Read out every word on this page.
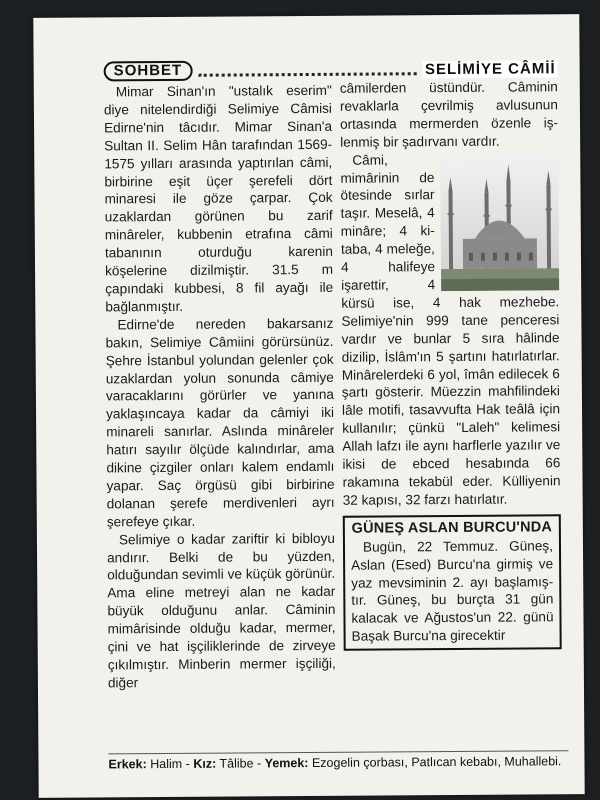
SOHBET	SELİMİYE CÂMİİ

Mimar Sinan'ın "ustalık eserim" diye nitelendirdiği Selimiye Câmisi Edirne'nin tâcıdır. Mimar Sinan'a Sultan II. Selim Hân tarafından 1569-1575 yılları arasında yaptırılan câmi, birbirine eşit üçer şerefeli dört minaresi ile göze çarpar. Çok uzaklardan görünen bu zarif minâreler, kubbenin etrafına câmi tabanının oturduğu karenin köşelerine dizilmiştir. 31.5 m çapındaki kubbesi, 8 fil ayağı ile bağlanmıştır.

Edirne'de nereden bakarsanız bakın, Selimiye Câmiini görürsünüz. Şehre İstanbul yolundan gelenler çok uzaklardan yolun sonunda câmiye varacaklarını görürler ve yanına yaklaşıncaya kadar da câmiyi iki minareli sanırlar. Aslında minâreler hatırı sayılır ölçüde kalındırlar, ama dikine çizgiler onları kalem endamlı yapar. Saç örgüsü gibi birbirine dolanan şerefe merdivenleri ayrı şerefeye çıkar.

Selimiye o kadar zariftir ki bibloyu andırır. Belki de bu yüzden, olduğundan sevimli ve küçük görünür. Ama eline metreyi alan ne kadar büyük olduğunu anlar. Câminin mimârisinde olduğu kadar, mermer, çini ve hat işçiliklerinde de zirveye çıkılmıştır. Minberin mermer işçiliği, diğer

câmilerden üstündür. Câminin revaklarla çevrilmiş avlusunun ortasında mermerden özenle işlenmiş bir şadırvanı vardır.

Câmi, mimârinin de ötesinde sırlar taşır. Meselâ, 4 minâre; 4 kitaba, 4 meleğe, 4 halifeye işarettir, 4 kürsü ise, 4 hak mezhebe. Selimiye'nin 999 tane penceresi vardır ve bunlar 5 sıra hâlinde dizilip, İslâm'ın 5 şartını hatırlatırlar. Minârelerdeki 6 yol, îmân edilecek 6 şartı gösterir. Müezzin mahfilindeki lâle motifi, tasavvufta Hak teâlâ için kullanılır; çünkü "Laleh" kelimesi Allah lafzı ile aynı harflerle yazılır ve ikisi de ebced hesabında 66 rakamına tekabül eder. Külliyenin 32 kapısı, 32 farzı hatırlatır.

GÜNEŞ ASLAN BURCU'NDA

Bugün, 22 Temmuz. Güneş, Aslan (Esed) Burcu'na girmiş ve yaz mevsiminin 2. ayı başlamıştır. Güneş, bu burçta 31 gün kalacak ve Ağustos'un 22. günü Başak Burcu'na girecektir

Erkek: Halim - Kız: Tâlibe - Yemek: Ezogelin çorbası, Patlıcan kebabı, Muhallebi.
